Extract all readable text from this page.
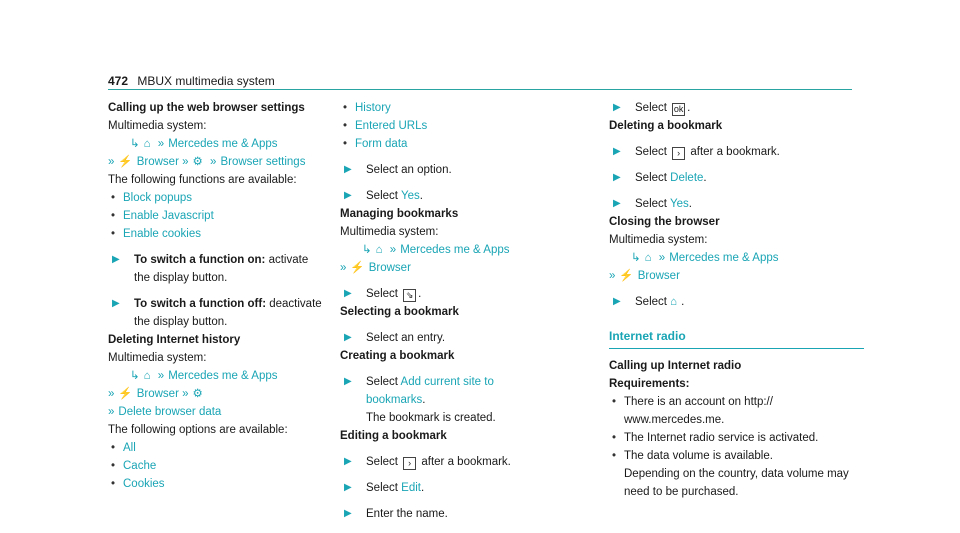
472 MBUX multimedia system
Calling up the web browser settings
Multimedia system:
↳ ⌂ » Mercedes me & Apps
» ⚡ Browser » ⚙ » Browser settings
The following functions are available:
• Block popups
• Enable Javascript
• Enable cookies
▶	To switch a function on: activate the display button.
▶	To switch a function off: deactivate the display button.
Deleting Internet history
Multimedia system:
↳ ⌂ » Mercedes me & Apps
» ⚡ Browser » ⚙
» Delete browser data
The following options are available:
• All
• Cache
• Cookies
• History
• Entered URLs
• Form data
▶	Select an option.
▶	Select Yes.
Managing bookmarks
Multimedia system:
↳ ⌂ » Mercedes me & Apps
» ⚡ Browser
▶	Select ⇘ .
Selecting a bookmark
▶	Select an entry.
Creating a bookmark
▶	Select Add current site to bookmarks.
The bookmark is created.
Editing a bookmark
▶	Select › after a bookmark.
▶	Select Edit.
▶	Enter the name.
▶	Select ok .
Deleting a bookmark
▶	Select › after a bookmark.
▶	Select Delete.
▶	Select Yes.
Closing the browser
Multimedia system:
↳ ⌂ » Mercedes me & Apps
» ⚡ Browser
▶	Select ⌂ .
Internet radio
Calling up Internet radio
Requirements:
• There is an account on http://
www.mercedes.me.
• The Internet radio service is activated.
• The data volume is available.
Depending on the country, data volume may
need to be purchased.
